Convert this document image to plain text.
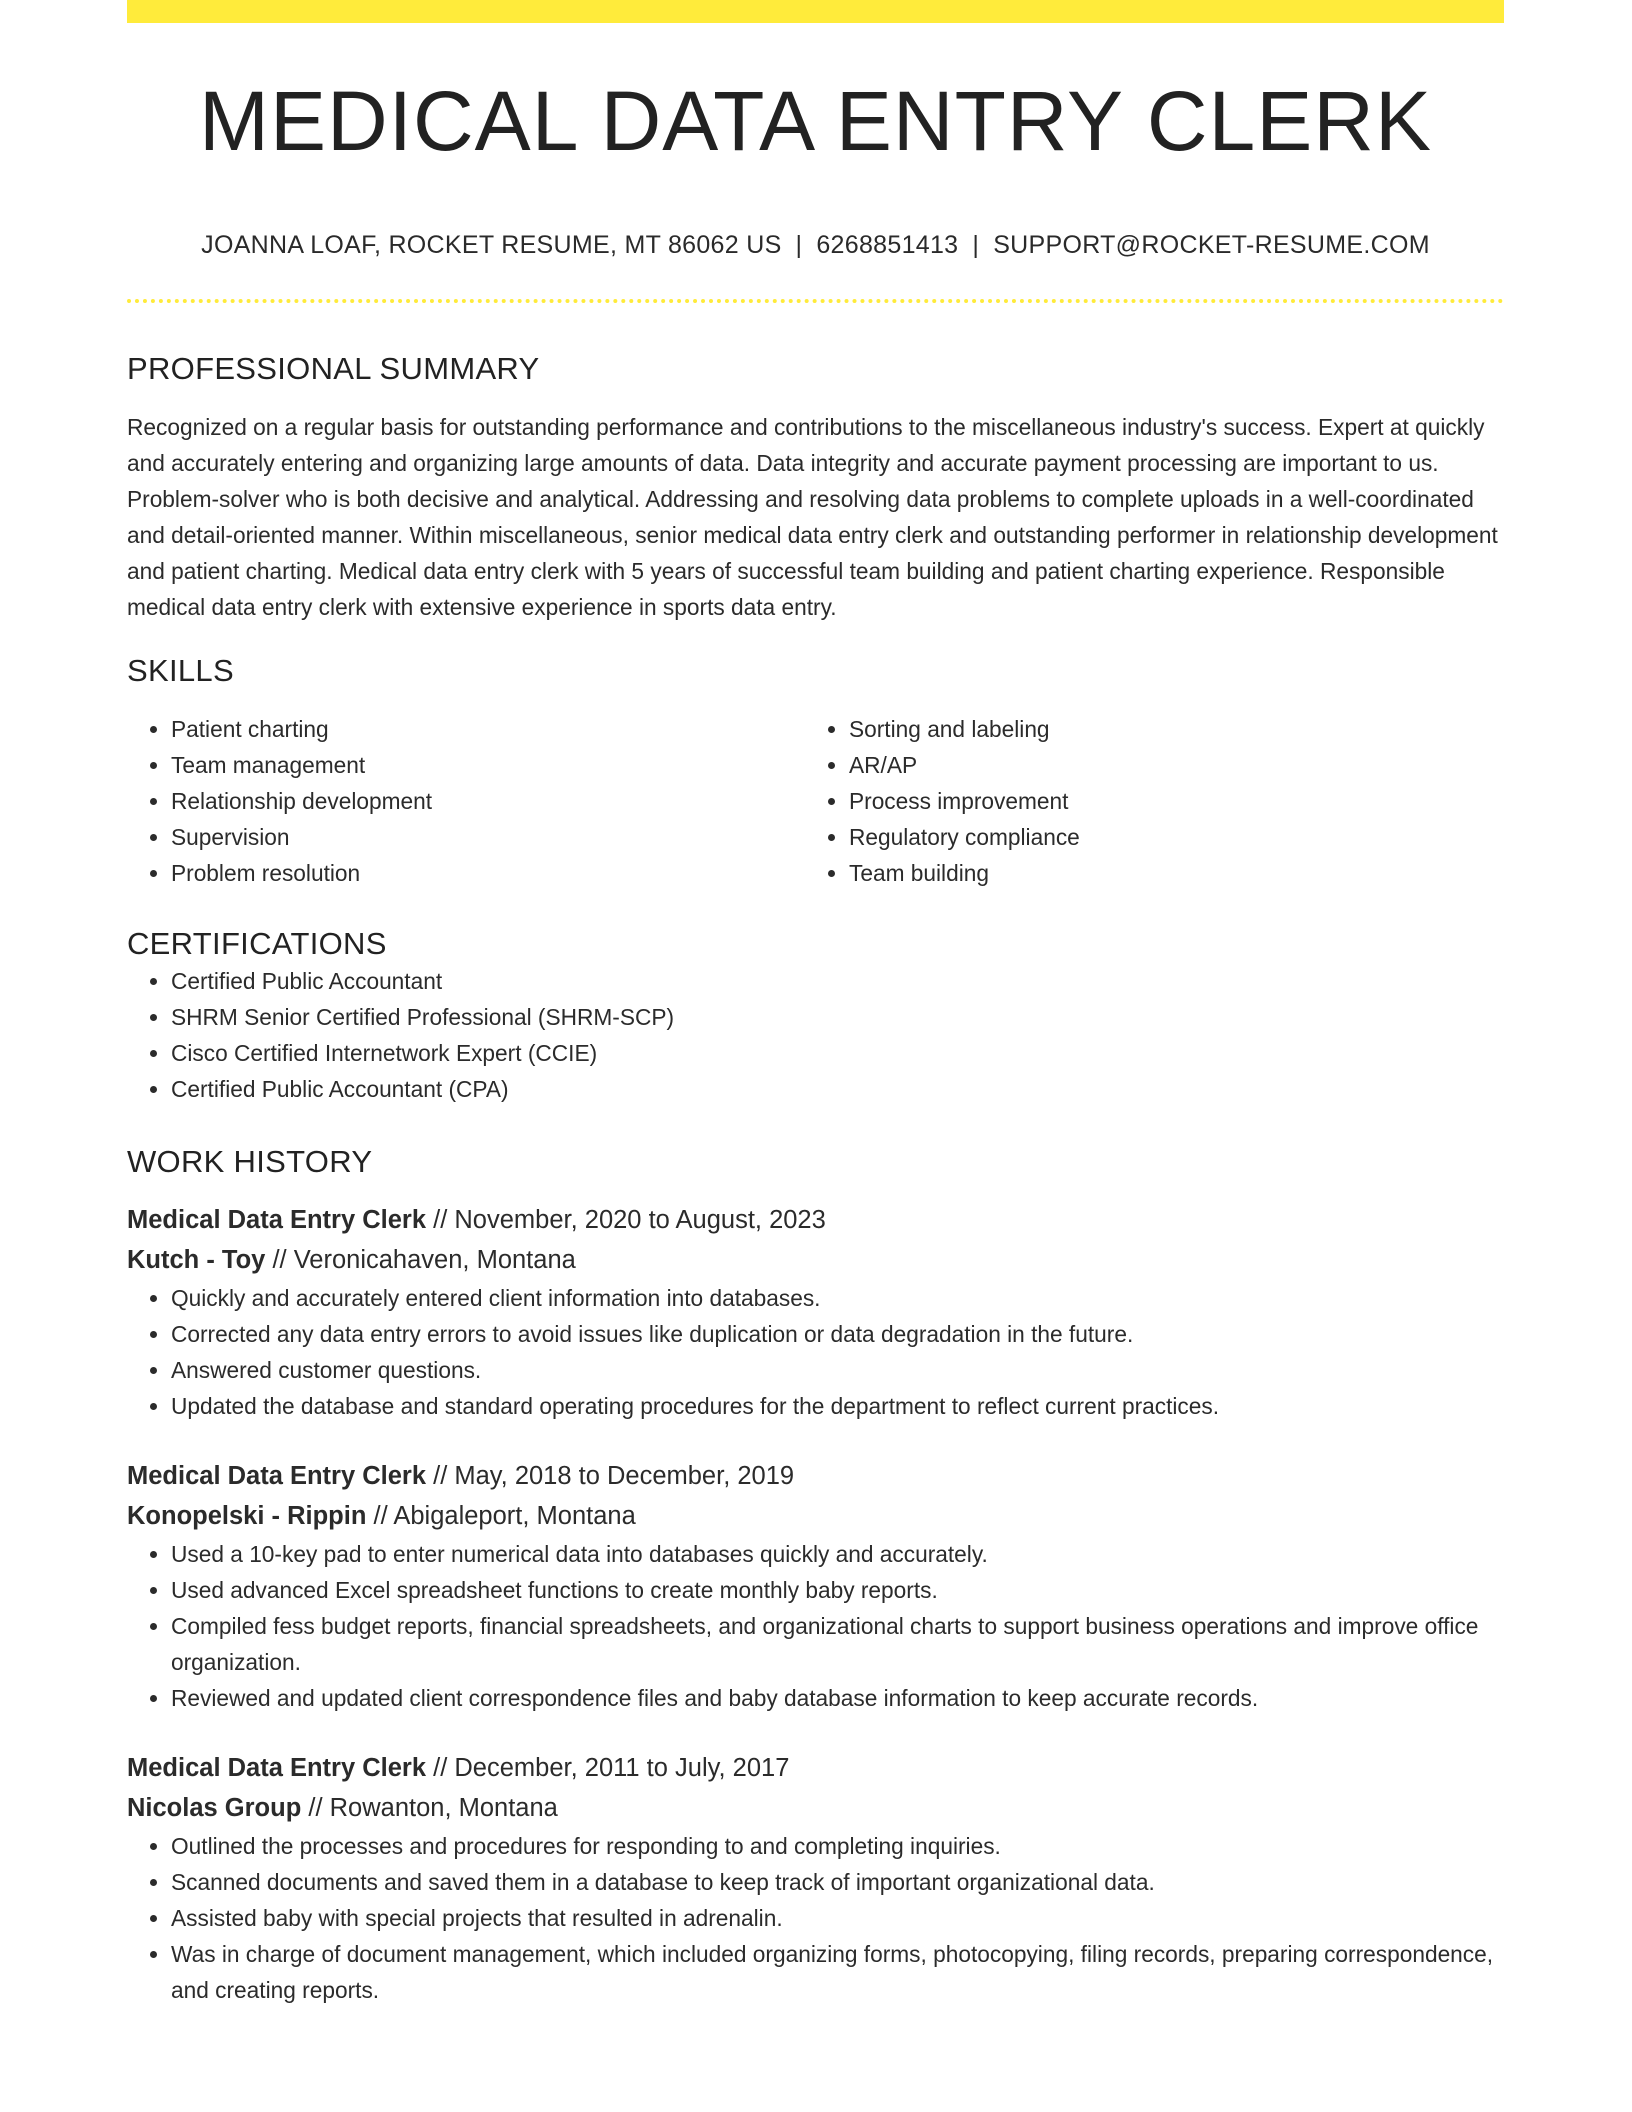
MEDICAL DATA ENTRY CLERK
JOANNA LOAF, ROCKET RESUME, MT 86062 US | 6268851413 | SUPPORT@ROCKET-RESUME.COM
PROFESSIONAL SUMMARY

Recognized on a regular basis for outstanding performance and contributions to the miscellaneous industry's success. Expert at quickly and accurately entering and organizing large amounts of data. Data integrity and accurate payment processing are important to us. Problem-solver who is both decisive and analytical. Addressing and resolving data problems to complete uploads in a well-coordinated and detail-oriented manner. Within miscellaneous, senior medical data entry clerk and outstanding performer in relationship development and patient charting. Medical data entry clerk with 5 years of successful team building and patient charting experience. Responsible medical data entry clerk with extensive experience in sports data entry.

SKILLS
• Patient charting
• Team management
• Relationship development
• Supervision
• Problem resolution
• Sorting and labeling
• AR/AP
• Process improvement
• Regulatory compliance
• Team building
CERTIFICATIONS
• Certified Public Accountant
• SHRM Senior Certified Professional (SHRM-SCP)
• Cisco Certified Internetwork Expert (CCIE)
• Certified Public Accountant (CPA)
WORK HISTORY
Medical Data Entry Clerk // November, 2020 to August, 2023
Kutch - Toy // Veronicahaven, Montana
• Quickly and accurately entered client information into databases.
• Corrected any data entry errors to avoid issues like duplication or data degradation in the future.
• Answered customer questions.
• Updated the database and standard operating procedures for the department to reflect current practices.
Medical Data Entry Clerk // May, 2018 to December, 2019
Konopelski - Rippin // Abigaleport, Montana
• Used a 10-key pad to enter numerical data into databases quickly and accurately.
• Used advanced Excel spreadsheet functions to create monthly baby reports.
• Compiled fess budget reports, financial spreadsheets, and organizational charts to support business operations and improve office organization.
• Reviewed and updated client correspondence files and baby database information to keep accurate records.
Medical Data Entry Clerk // December, 2011 to July, 2017
Nicolas Group // Rowanton, Montana
• Outlined the processes and procedures for responding to and completing inquiries.
• Scanned documents and saved them in a database to keep track of important organizational data.
• Assisted baby with special projects that resulted in adrenalin.
• Was in charge of document management, which included organizing forms, photocopying, filing records, preparing correspondence, and creating reports.
